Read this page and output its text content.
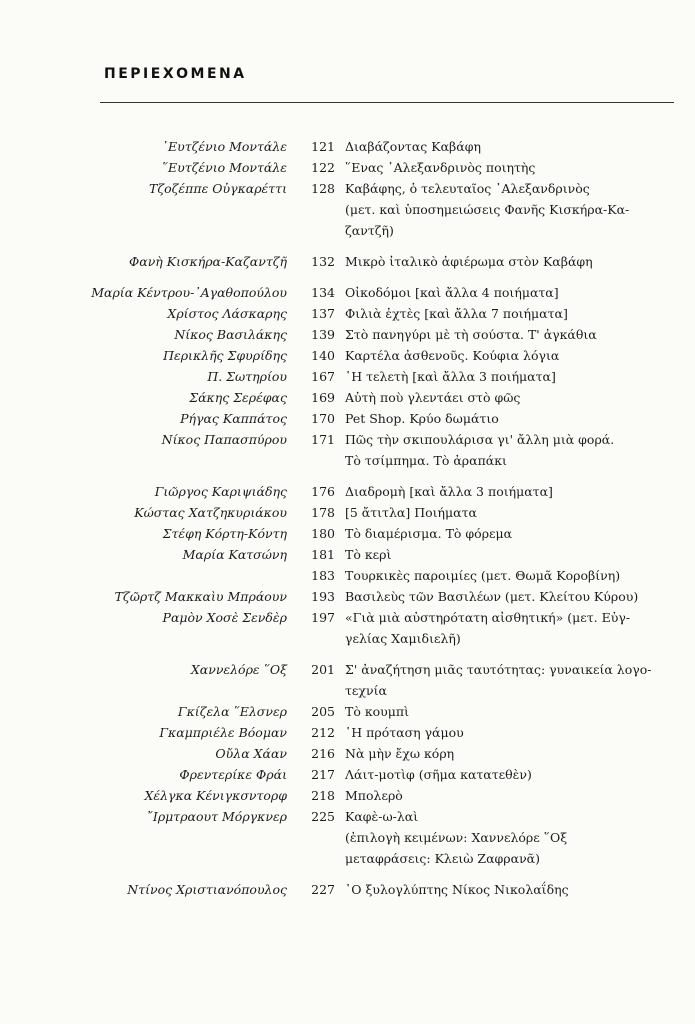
ΠΕΡΙΕΧΟΜΕΝΑ
᾿Ευτζένιο Μοντάλε	121 Διαβάζοντας Καβάφη
῞Ευτζένιο Μοντάλε	122 ῞Ενας ᾿Αλεξανδρινὸς ποιητὴς
Τζοζέππε Οὐγκαρέττι	128 Καβάφης, ὁ τελευταῖος ᾿Αλεξανδρινὸς
(μετ. καὶ ὑποσημειώσεις Φανῆς Κισκήρα-Κα-
ζαντζῆ)
Φανὴ Κισκήρα-Καζαντζῆ	132 Μικρὸ ἰταλικὸ ἀφιέρωμα στὸν Καβάφη
Μαρία Κέντρου-᾿Αγαθοπούλου	134 Οἰκοδόμοι [καὶ ἄλλα 4 ποιήματα]
Χρίστος Λάσκαρης	137 Φιλιὰ ἐχτὲς [καὶ ἄλλα 7 ποιήματα]
Νίκος Βασιλάκης	139 Στὸ πανηγύρι μὲ τὴ σούστα. Τ' ἀγκάθια
Περικλῆς Σφυρίδης	140 Καρτέλα ἀσθενοῦς. Κούφια λόγια
Π. Σωτηρίου	167 ῾Η τελετὴ [καὶ ἄλλα 3 ποιήματα]
Σάκης Σερέφας	169 Αὐτὴ ποὺ γλεντάει στὸ φῶς
Ρήγας Καππάτος	170 Pet Shop. Κρύο δωμάτιο
Νίκος Παπασπύρου	171 Πῶς τὴν σκιπουλάρισα γι' ἄλλη μιὰ φορά.
Τὸ τσίμπημα. Τὸ ἀραπάκι
Γιῶργος Καριψιάδης	176 Διαδρομὴ [καὶ ἄλλα 3 ποιήματα]
Κώστας Χατζηκυριάκου	178 [5 ἄτιτλα] Ποιήματα
Στέφη Κόρτη-Κόντη	180 Τὸ διαμέρισμα. Τὸ φόρεμα
Μαρία Κατσώνη	181 Τὸ κερὶ
183 Τουρκικὲς παροιμίες (μετ. Θωμᾶ Κοροβίνη)
Τζῶρτζ Μακκαὶυ Μπράουν	193 Βασιλεὺς τῶν Βασιλέων (μετ. Κλείτου Κύρου)
Ραμὸν Χοσὲ Σενδὲρ	197 «Γιὰ μιὰ αὐστηρότατη αἰσθητική» (μετ. Εὐγ-
γελίας Χαμιδιελῆ)
Χαννελόρε ῞Οξ	201 Σ' ἀναζήτηση μιᾶς ταυτότητας: γυναικεία λογο-
τεχνία
Γκίζελα ῞Ελσνερ	205 Τὸ κουμπὶ
Γκαμπριέλε Βόομαν	212 ῾Η πρόταση γάμου
Οὔλα Χάαν	216 Νὰ μὴν ἔχω κόρη
Φρεντερίκε Φράι	217 Λάιτ-μοτὶφ (σῆμα κατατεθὲν)
Χέλγκα Κένιγκσντορφ	218 Μπολερὸ
῎Ιρμτραουτ Μόργκνερ	225 Καφὲ-ω-λαὶ
(ἐπιλογὴ κειμένων: Χαννελόρε ῞Οξ
μεταφράσεις: Κλειὼ Ζαφρανᾶ)
Ντίνος Χριστιανόπουλος	227 ῾Ο ξυλογλύπτης Νίκος Νικολαΐδης
